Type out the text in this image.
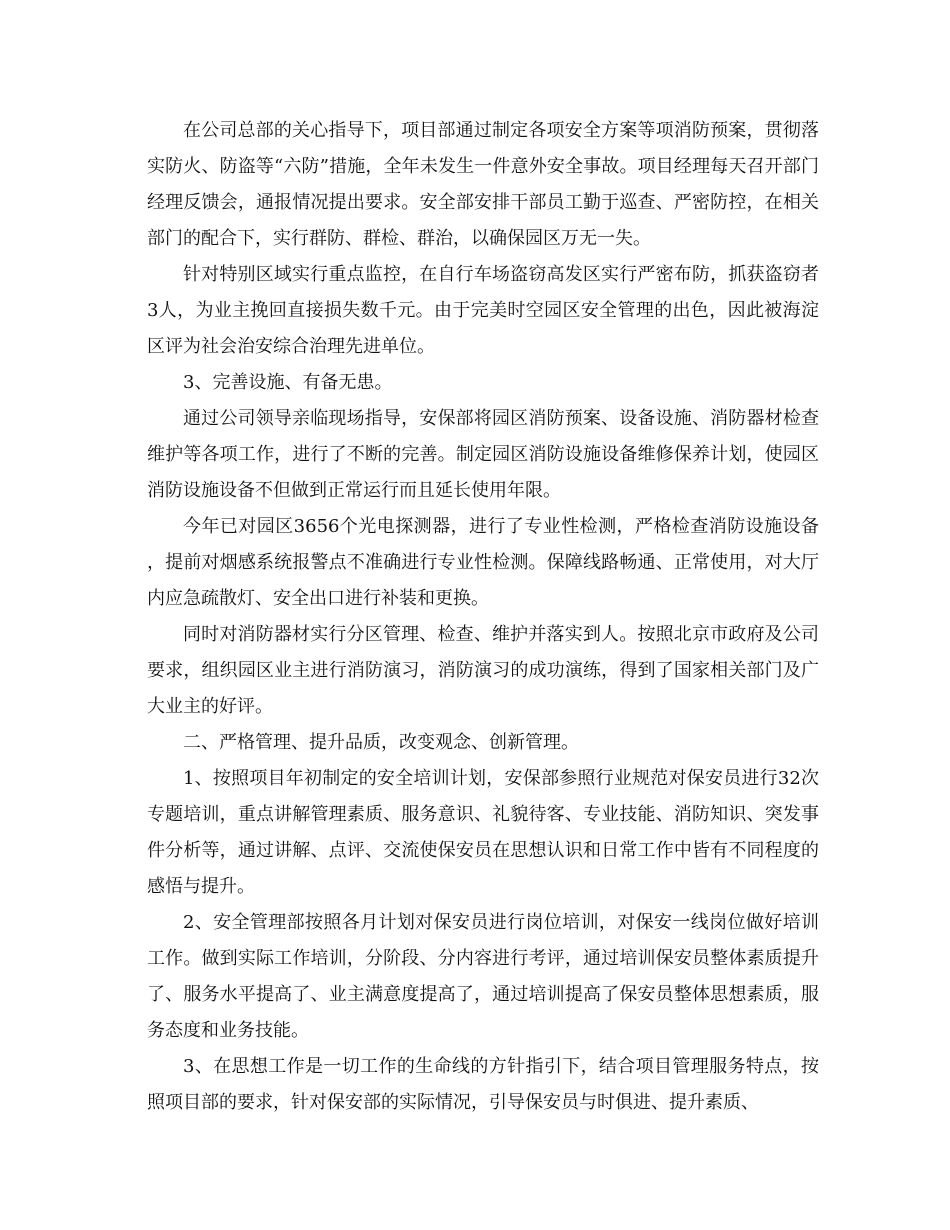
在公司总部的关心指导下，项目部通过制定各项安全方案等项消防预案，贯彻落实防火、防盗等“六防”措施，全年未发生一件意外安全事故。项目经理每天召开部门经理反馈会，通报情况提出要求。安全部安排干部员工勤于巡查、严密防控，在相关部门的配合下，实行群防、群检、群治，以确保园区万无一失。

针对特别区域实行重点监控，在自行车场盗窃高发区实行严密布防，抓获盗窃者3人，为业主挽回直接损失数千元。由于完美时空园区安全管理的出色，因此被海淀区评为社会治安综合治理先进单位。

3、完善设施、有备无患。

通过公司领导亲临现场指导，安保部将园区消防预案、设备设施、消防器材检查维护等各项工作，进行了不断的完善。制定园区消防设施设备维修保养计划，使园区消防设施设备不但做到正常运行而且延长使用年限。

今年已对园区3656个光电探测器，进行了专业性检测，严格检查消防设施设备，提前对烟感系统报警点不准确进行专业性检测。保障线路畅通、正常使用，对大厅内应急疏散灯、安全出口进行补装和更换。

同时对消防器材实行分区管理、检查、维护并落实到人。按照北京市政府及公司要求，组织园区业主进行消防演习，消防演习的成功演练，得到了国家相关部门及广大业主的好评。

二、严格管理、提升品质，改变观念、创新管理。

1、按照项目年初制定的安全培训计划，安保部参照行业规范对保安员进行32次专题培训，重点讲解管理素质、服务意识、礼貌待客、专业技能、消防知识、突发事件分析等，通过讲解、点评、交流使保安员在思想认识和日常工作中皆有不同程度的感悟与提升。

2、安全管理部按照各月计划对保安员进行岗位培训，对保安一线岗位做好培训工作。做到实际工作培训，分阶段、分内容进行考评，通过培训保安员整体素质提升了、服务水平提高了、业主满意度提高了，通过培训提高了保安员整体思想素质，服务态度和业务技能。

3、在思想工作是一切工作的生命线的方针指引下，结合项目管理服务特点，按照项目部的要求，针对保安部的实际情况，引导保安员与时俱进、提升素质、
